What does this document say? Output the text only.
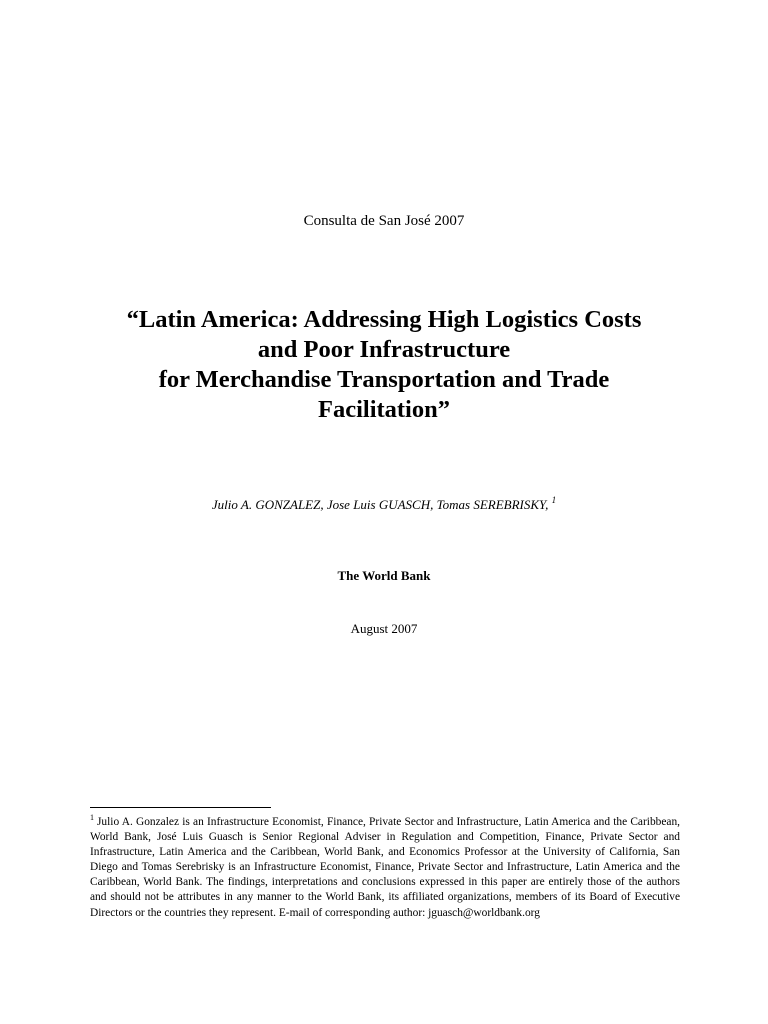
Consulta de San José 2007
“Latin America: Addressing High Logistics Costs
and Poor Infrastructure
for Merchandise Transportation and Trade
Facilitation”
Julio A. GONZALEZ, Jose Luis GUASCH, Tomas SEREBRISKY, $^1$
The World Bank
August 2007
$^1$ Julio A. Gonzalez is an Infrastructure Economist, Finance, Private Sector and Infrastructure, Latin America and the Caribbean, World Bank, José Luis Guasch is Senior Regional Adviser in Regulation and Competition, Finance, Private Sector and Infrastructure, Latin America and the Caribbean, World Bank, and Economics Professor at the University of California, San Diego and Tomas Serebrisky is an Infrastructure Economist, Finance, Private Sector and Infrastructure, Latin America and the Caribbean, World Bank. The findings, interpretations and conclusions expressed in this paper are entirely those of the authors and should not be attributes in any manner to the World Bank, its affiliated organizations, members of its Board of Executive Directors or the countries they represent. E-mail of corresponding author: jguasch@worldbank.org
